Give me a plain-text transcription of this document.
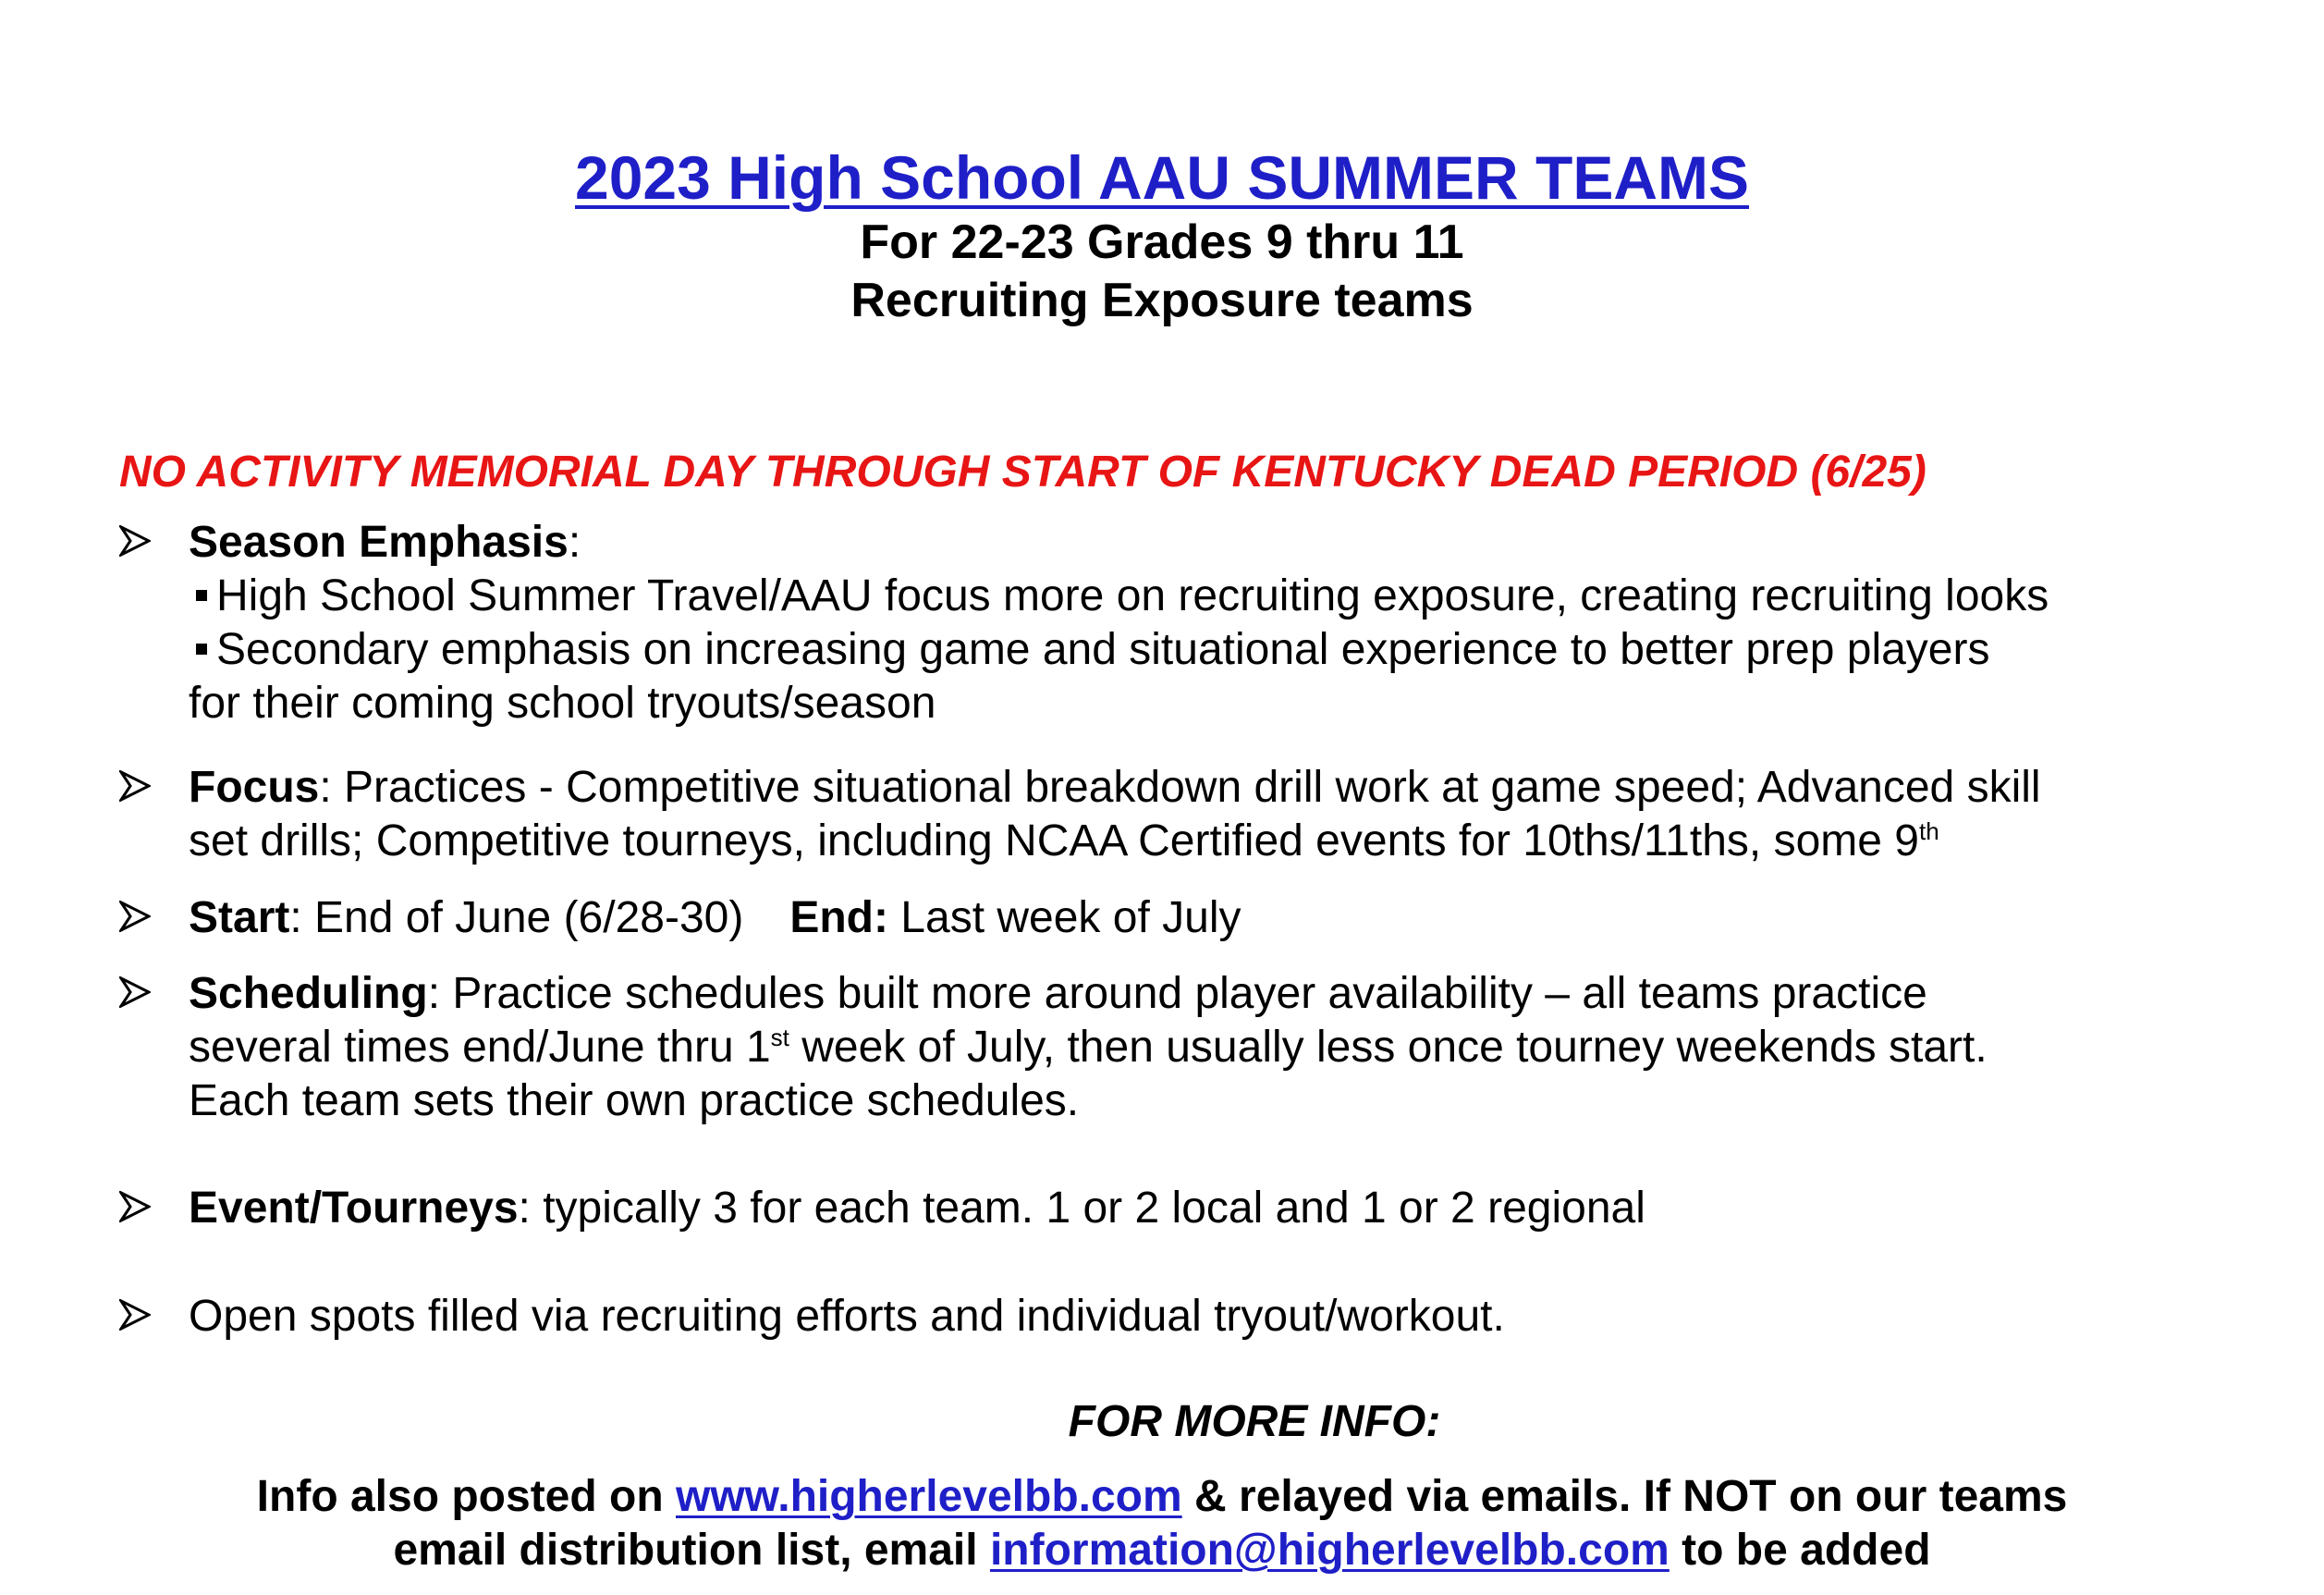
2023 High School AAU SUMMER TEAMS

For 22-23 Grades 9 thru 11

Recruiting Exposure teams

NO ACTIVITY MEMORIAL DAY THROUGH START OF KENTUCKY DEAD PERIOD (6/25)

Season Emphasis:
High School Summer Travel/AAU focus more on recruiting exposure, creating recruiting looks
Secondary emphasis on increasing game and situational experience to better prep players
for their coming school tryouts/season
Focus: Practices - Competitive situational breakdown drill work at game speed; Advanced skill
set drills; Competitive tourneys, including NCAA Certified events for 10ths/11ths, some 9th
Start: End of June (6/28-30) End: Last week of July
Scheduling: Practice schedules built more around player availability – all teams practice
several times end/June thru 1st week of July, then usually less once tourney weekends start.
Each team sets their own practice schedules.
Event/Tourneys: typically 3 for each team. 1 or 2 local and 1 or 2 regional
Open spots filled via recruiting efforts and individual tryout/workout.

FOR MORE INFO:

Info also posted on www.higherlevelbb.com & relayed via emails. If NOT on our teams
email distribution list, email information@higherlevelbb.com to be added
